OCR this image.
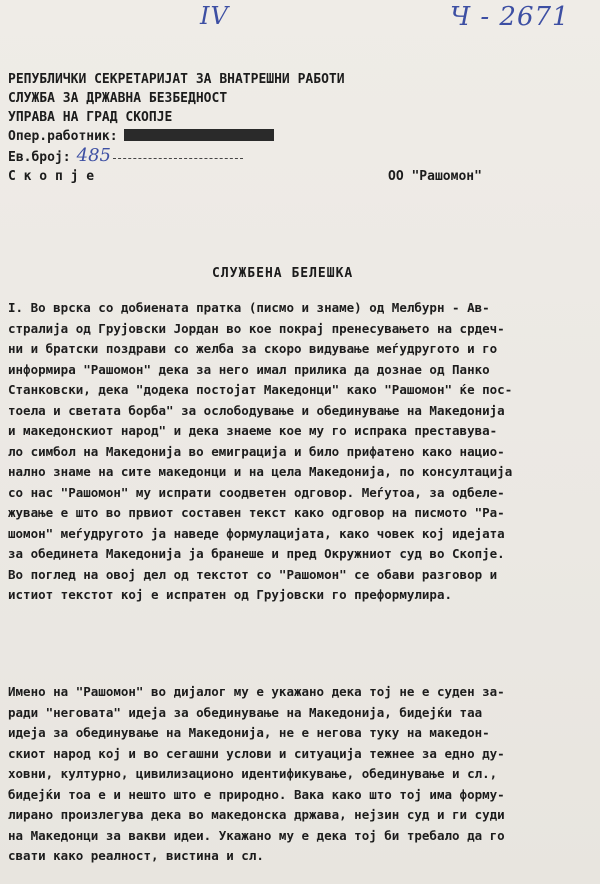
IV	Ч - 2671
РЕПУБЛИЧКИ СЕКРЕТАРИЈАТ ЗА ВНАТРЕШНИ РАБОТИ
СЛУЖБА ЗА ДРЖАВНА БЕЗБЕДНОСТ
УПРАВА НА ГРАД СКОПЈЕ
Опер.работник:
Ев.број: 485
С к о п ј е	ОО "Рашомон"
СЛУЖБЕНА БЕЛЕШКА
I. Во врска со добиената пратка (писмо и знаме) од Мелбурн - Ав-
стралија од Грујовски Јордан во кое покрај пренесувањето на срдеч-
ни и братски поздрави со желба за скоро видување меѓудругото и го
информира "Рашомон" дека за него имал прилика да дознае од Панко
Станковски, дека "додека постојат Македонци" како "Рашомон" ќе пос-
тоела и светата борба" за ослободување и обединување на Македонија
и македонскиот народ" и дека знаеме кое му го испрака преставува-
ло симбол на Македонија во емиграција и било прифатено како нацио-
нално знаме на сите македонци и на цела Македонија, по консултација
со нас "Рашомон" му испрати соодветен одговор. Меѓутоа, за одбеле-
жување е што во првиот составен текст како одговор на писмото "Ра-
шомон" меѓудругото ја наведе формулацијата, како човек кој идејата
за обединета Македонија ја бранеше и пред Окружниот суд во Скопје.
Во поглед на овој дел од текстот со "Рашомон" се обави разговор и
истиот текстот кој е испратен од Грујовски го преформулира.
Имено на "Рашомон" во дијалог му е укажано дека тој не е суден за-
ради "неговата" идеја за обединување на Македонија, бидејќи таа
идеја за обединување на Македонија, не е негова туку на македон-
скиот народ кој и во сегашни услови и ситуација тежнее за едно ду-
ховни, културно, цивилизационо идентификување, обединување и сл.,
бидејќи тоа е и нешто што е природно. Вака како што тој има форму-
лирано произлегува дека во македонска држава, нејзин суд и ги суди
на Македонци за вакви идеи. Укажано му е дека тој би требало да го
свати како реалност, вистина и сл.
